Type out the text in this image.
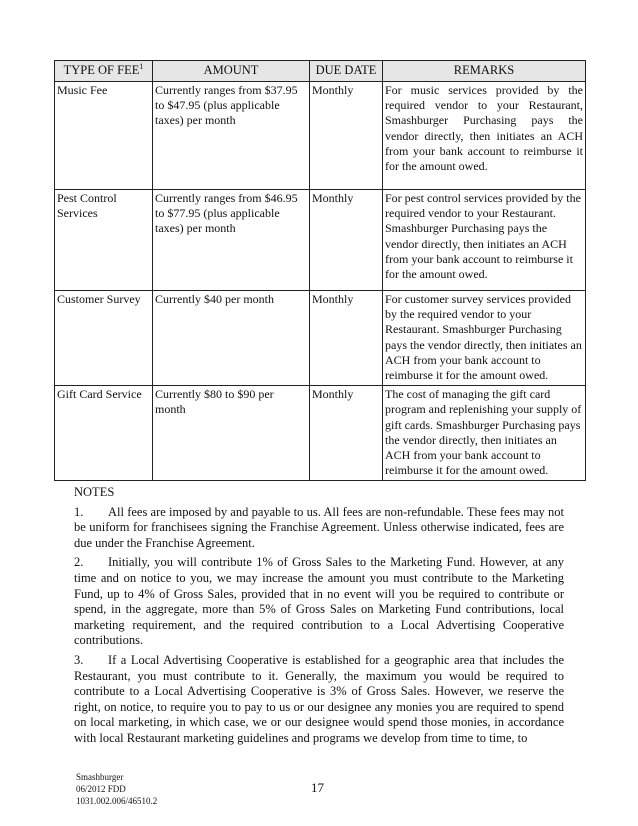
TYPE OF FEE$^1$	AMOUNT	DUE DATE	REMARKS
Music Fee	Currently ranges from $37.95 to $47.95 (plus applicable taxes) per month	Monthly	For music services provided by the required vendor to your Restaurant, Smashburger Purchasing pays the vendor directly, then initiates an ACH from your bank account to reimburse it for the amount owed.
Pest Control Services	Currently ranges from $46.95 to $77.95 (plus applicable taxes) per month	Monthly	For pest control services provided by the required vendor to your Restaurant. Smashburger Purchasing pays the vendor directly, then initiates an ACH from your bank account to reimburse it for the amount owed.
Customer Survey	Currently $40 per month	Monthly	For customer survey services provided by the required vendor to your Restaurant. Smashburger Purchasing pays the vendor directly, then initiates an ACH from your bank account to reimburse it for the amount owed.
Gift Card Service	Currently $80 to $90 per month	Monthly	The cost of managing the gift card program and replenishing your supply of gift cards. Smashburger Purchasing pays the vendor directly, then initiates an ACH from your bank account to reimburse it for the amount owed.
NOTES

1. All fees are imposed by and payable to us. All fees are non-refundable. These fees may not be uniform for franchisees signing the Franchise Agreement. Unless otherwise indicated, fees are due under the Franchise Agreement.

2. Initially, you will contribute 1% of Gross Sales to the Marketing Fund. However, at any time and on notice to you, we may increase the amount you must contribute to the Marketing Fund, up to 4% of Gross Sales, provided that in no event will you be required to contribute or spend, in the aggregate, more than 5% of Gross Sales on Marketing Fund contributions, local marketing requirement, and the required contribution to a Local Advertising Cooperative contributions.

3. If a Local Advertising Cooperative is established for a geographic area that includes the Restaurant, you must contribute to it. Generally, the maximum you would be required to contribute to a Local Advertising Cooperative is 3% of Gross Sales. However, we reserve the right, on notice, to require you to pay to us or our designee any monies you are required to spend on local marketing, in which case, we or our designee would spend those monies, in accordance with local Restaurant marketing guidelines and programs we develop from time to time, to

Smashburger
06/2012 FDD
1031.002.006/46510.2
17
